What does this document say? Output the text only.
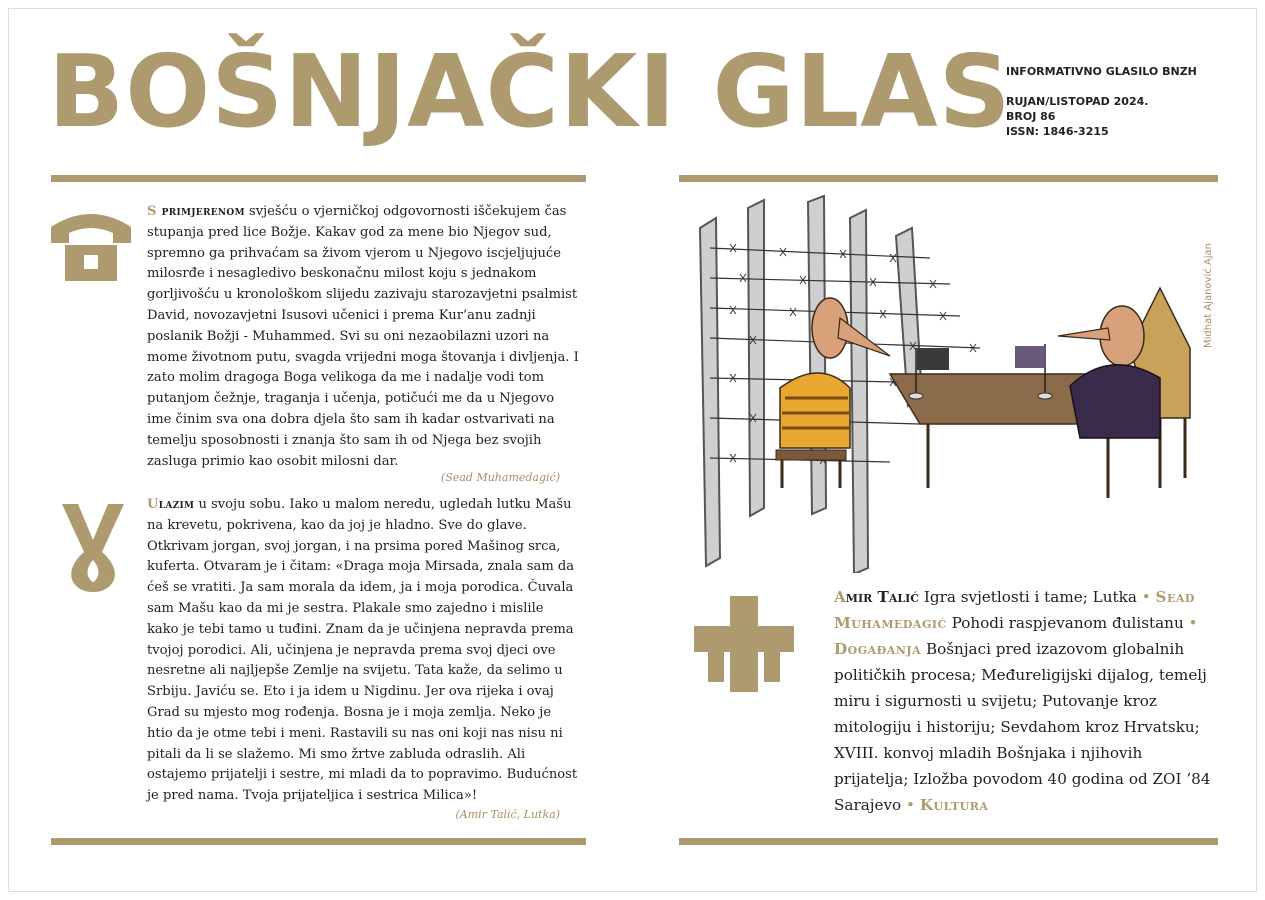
BOŠNJAČKI GLAS
INFORMATIVNO GLASILO BNZH
RUJAN/LISTOPAD 2024.
BROJ 86
ISSN: 1846-3215
S primjerenom svješću o vjerničkoj odgovornosti iščekujem čas stupanja pred lice Božje. Kakav god za mene bio Njegov sud, spremno ga prihvaćam sa živom vjerom u Njegovo iscjeljujuće milosrđe i nesagledivo beskonačnu milost koju s jednakom gorljivošću u kronološkom slijedu zazivaju starozavjetni psalmist David, novozavjetni Isusovi učenici i prema Kur’anu zadnji poslanik Božji - Muhammed. Svi su oni nezaobilazni uzori na mome životnom putu, svagda vrijedni moga štovanja i divljenja. I zato molim dragoga Boga velikoga da me i nadalje vodi tom putanjom čežnje, traganja i učenja, potičući me da u Njegovo ime činim sva ona dobra djela što sam ih kadar ostvarivati na temelju sposobnosti i znanja što sam ih od Njega bez svojih zasluga primio kao osobit milosni dar.
(Sead Muhamedagić)
Ulazim u svoju sobu. Iako u malom neredu, ugledah lutku Mašu na krevetu, pokrivena, kao da joj je hladno. Sve do glave. Otkrivam jorgan, svoj jorgan, i na prsima pored Mašinog srca, kuferta. Otvaram je i čitam: «Draga moja Mirsada, znala sam da ćeš se vratiti. Ja sam morala da idem, ja i moja porodica. Čuvala sam Mašu kao da mi je sestra. Plakale smo zajedno i mislile kako je tebi tamo u tuđini. Znam da je učinjena nepravda prema tvojoj porodici. Ali, učinjena je nepravda prema svoj djeci ove nesretne ali najljepše Zemlje na svijetu. Tata kaže, da selimo u Srbiju. Javiću se. Eto i ja idem u Nigdinu. Jer ova rijeka i ovaj Grad su mjesto mog rođenja. Bosna je i moja zemlja. Neko je htio da je otme tebi i meni. Rastavili su nas oni koji nas nisu ni pitali da li se slažemo. Mi smo žrtve zabluda odraslih. Ali ostajemo prijatelji i sestre, mi mladi da to popravimo. Budućnost je pred nama. Tvoja prijateljica i sestrica Milica»!
(Amir Talić, Lutka)
Midhat Ajanović Ajan
Amir Talić Igra svjetlosti i tame; Lutka • Sead Muhamedagić Pohodi raspjevanom đulistanu • Događanja Bošnjaci pred izazovom globalnih političkih procesa; Međureligijski dijalog, temelj miru i sigurnosti u svijetu; Putovanje kroz mitologiju i historiju; Sevdahom kroz Hrvatsku; XVIII. konvoj mladih Bošnjaka i njihovih prijatelja; Izložba povodom 40 godina od ZOI ’84 Sarajevo • Kultura
